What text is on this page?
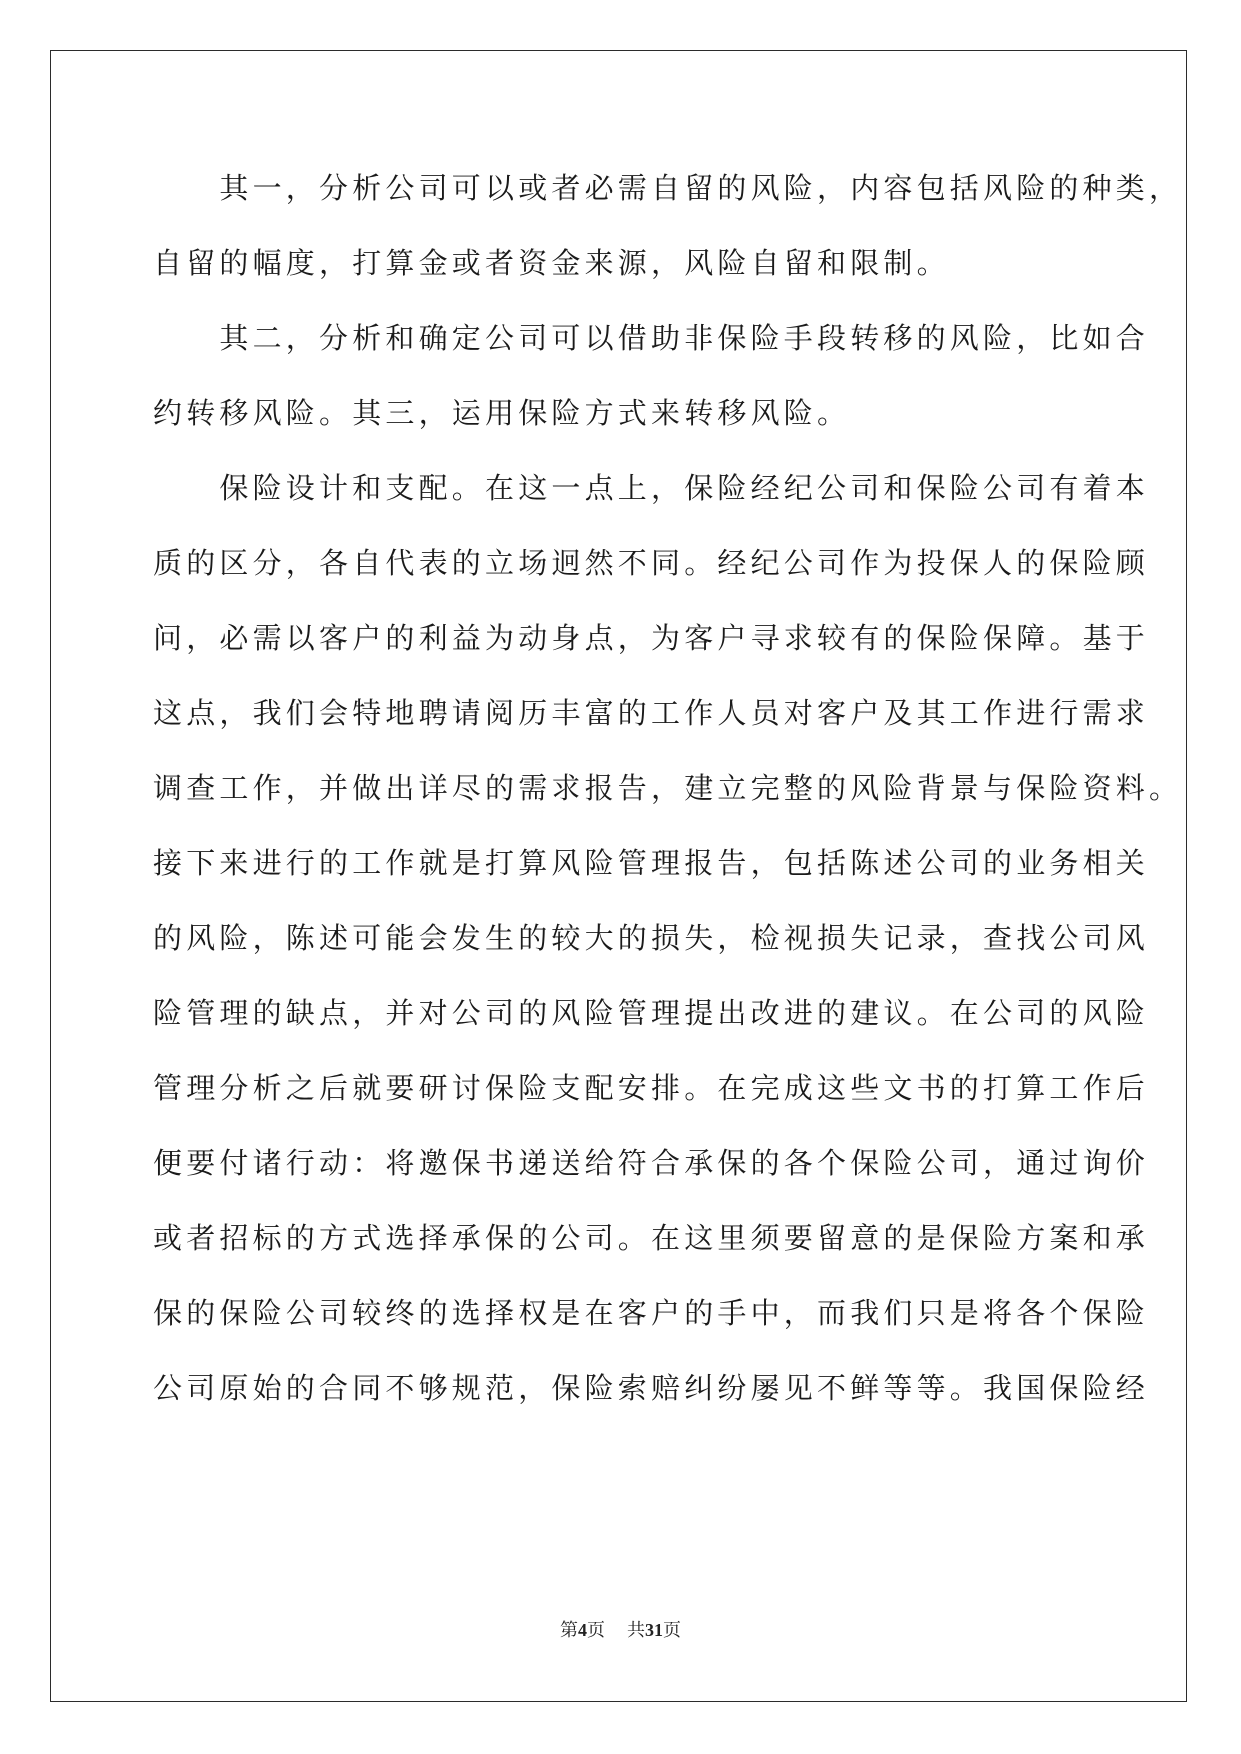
　　其一，分析公司可以或者必需自留的风险，内容包括风险的种类，
自留的幅度，打算金或者资金来源，风险自留和限制。
　　其二，分析和确定公司可以借助非保险手段转移的风险，比如合
约转移风险。其三，运用保险方式来转移风险。
　　保险设计和支配。在这一点上，保险经纪公司和保险公司有着本
质的区分，各自代表的立场迥然不同。经纪公司作为投保人的保险顾
问，必需以客户的利益为动身点，为客户寻求较有的保险保障。基于
这点，我们会特地聘请阅历丰富的工作人员对客户及其工作进行需求
调查工作，并做出详尽的需求报告，建立完整的风险背景与保险资料。
接下来进行的工作就是打算风险管理报告，包括陈述公司的业务相关
的风险，陈述可能会发生的较大的损失，检视损失记录，查找公司风
险管理的缺点，并对公司的风险管理提出改进的建议。在公司的风险
管理分析之后就要研讨保险支配安排。在完成这些文书的打算工作后
便要付诸行动：将邀保书递送给符合承保的各个保险公司，通过询价
或者招标的方式选择承保的公司。在这里须要留意的是保险方案和承
保的保险公司较终的选择权是在客户的手中，而我们只是将各个保险
公司原始的合同不够规范，保险索赔纠纷屡见不鲜等等。我国保险经
第4页 共31页
